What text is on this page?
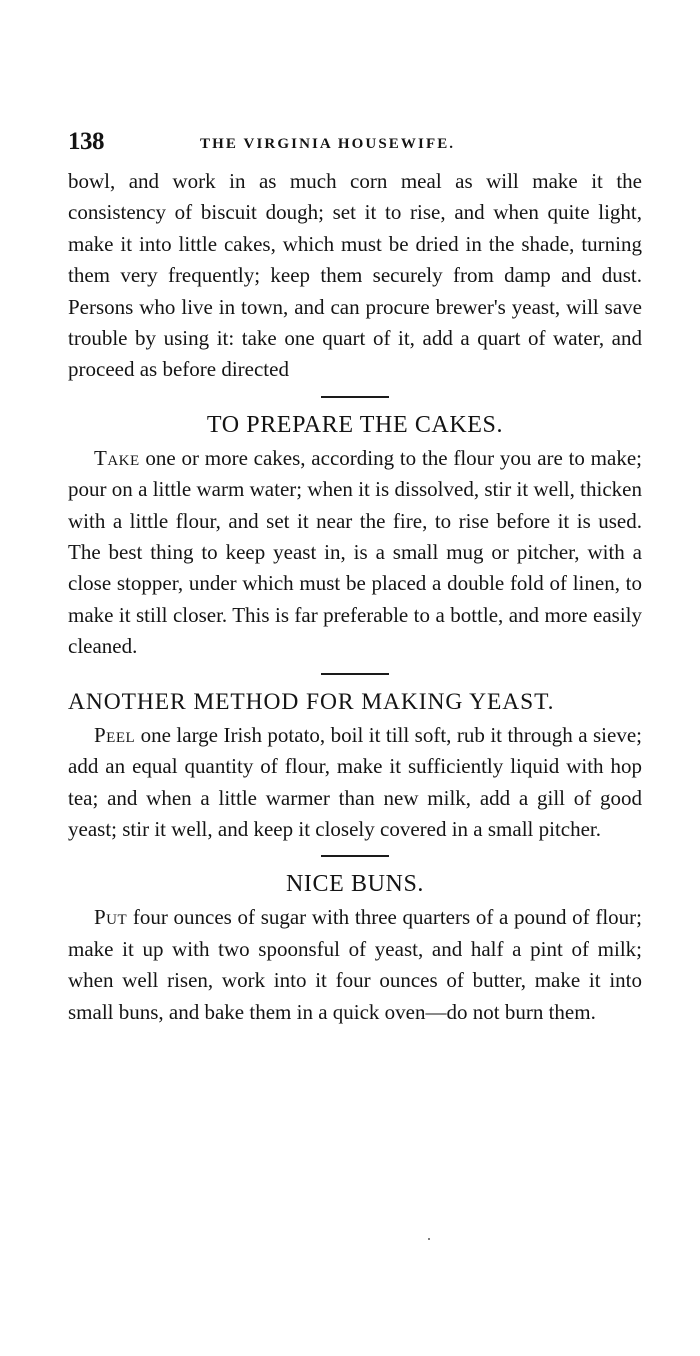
138	THE VIRGINIA HOUSEWIFE.

bowl, and work in as much corn meal as will make it the consistency of biscuit dough; set it to rise, and when quite light, make it into little cakes, which must be dried in the shade, turning them very frequently; keep them securely from damp and dust. Persons who live in town, and can procure brewer's yeast, will save trouble by using it: take one quart of it, add a quart of water, and proceed as before directed

TO PREPARE THE CAKES.

Take one or more cakes, according to the flour you are to make; pour on a little warm water; when it is dissolved, stir it well, thicken with a little flour, and set it near the fire, to rise before it is used. The best thing to keep yeast in, is a small mug or pitcher, with a close stopper, under which must be placed a double fold of linen, to make it still closer. This is far preferable to a bottle, and more easily cleaned.

ANOTHER METHOD FOR MAKING YEAST.

Peel one large Irish potato, boil it till soft, rub it through a sieve; add an equal quantity of flour, make it sufficiently liquid with hop tea; and when a little warmer than new milk, add a gill of good yeast; stir it well, and keep it closely covered in a small pitcher.

NICE BUNS.

Put four ounces of sugar with three quarters of a pound of flour; make it up with two spoonsful of yeast, and half a pint of milk; when well risen, work into it four ounces of butter, make it into small buns, and bake them in a quick oven—do not burn them.
